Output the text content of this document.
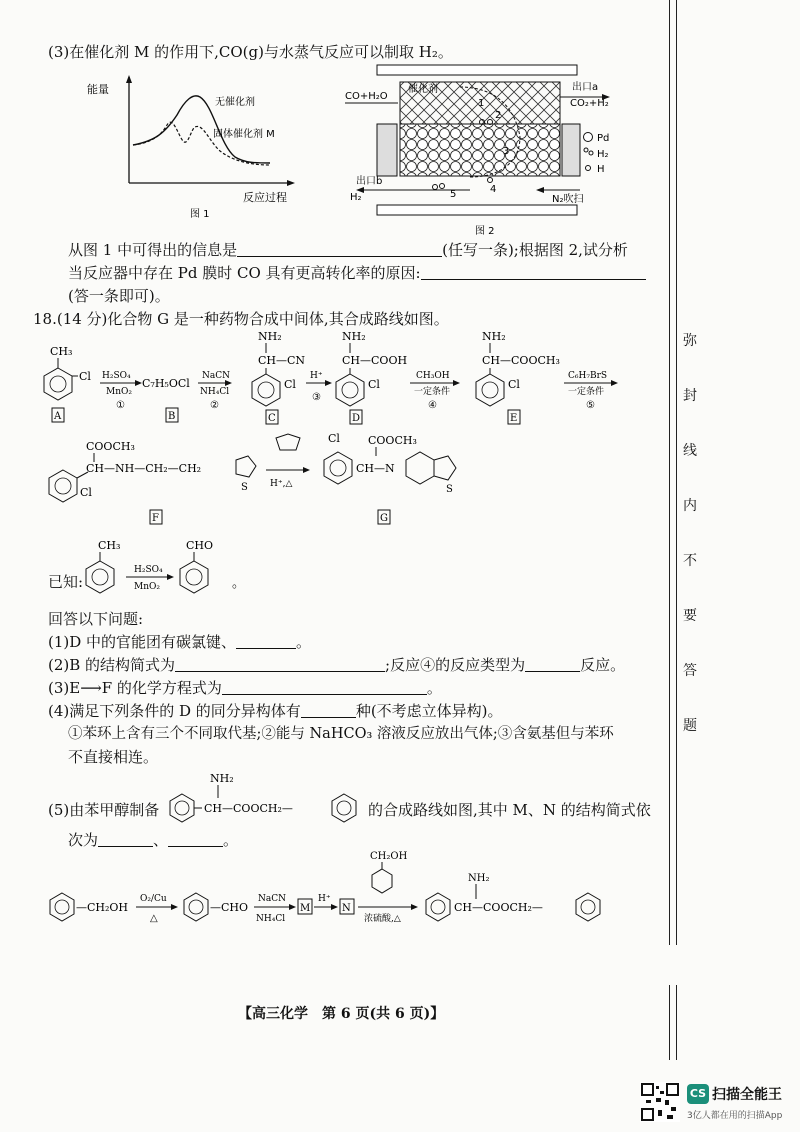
弥
封
线
内
不
要
答
题
(3)在催化剂 M 的作用下,CO(g)与水蒸气反应可以制取 H₂。
能量
无催化剂
固体催化剂 M
反应过程
图 1
催化剂
CO+H₂O
出口a
CO₂+H₂
出口b
H₂	N₂吹扫
1
2
3
4
5
Pd
H₂
H
图 2
从图 1 中可得出的信息是	(任写一条);根据图 2,试分析
当反应器中存在 Pd 膜时 CO 具有更高转化率的原因:
(答一条即可)。
18.(14 分)化合物 G 是一种药物合成中间体,其合成路线如图。
CH₃
Cl
A
H₂SO₄
MnO₂
①
C₇H₅OCl
B
NaCN
NH₄Cl
②
NH₂
CH—CN
Cl
C
H⁺
③
NH₂
CH—COOH
Cl
D
CH₃OH
一定条件
④
NH₂
CH—COOCH₃
Cl
E
C₆H₇BrS
一定条件
⑤
COOCH₃
CH—NH—CH₂—CH₂
Cl	S
F
H⁺,△
Cl	COOCH₃
CH—N
S
G
已知:
CH₃
H₂SO₄
MnO₂
CHO
。
回答以下问题:
(1)D 中的官能团有碳氯键、	。
(2)B 的结构简式为	;反应④的反应类型为	反应。
(3)E⟶F 的化学方程式为	。
(4)满足下列条件的 D 的同分异构体有	种(不考虑立体异构)。
①苯环上含有三个不同取代基;②能与 NaHCO₃ 溶液反应放出气体;③含氨基但与苯环
不直接相连。
(5)由苯甲醇制备
NH₂
CH—COOCH₂—	的合成路线如图,其中 M、N 的结构简式依
次为	、	。
—CH₂OH
O₂/Cu
△
—CHO
NaCN
NH₄Cl
M
H⁺
N
CH₂OH
浓硫酸,△
NH₂
CH—COOCH₂—
【高三化学　第 6 页(共 6 页)】
CS 扫描全能王
3亿人都在用的扫描App
